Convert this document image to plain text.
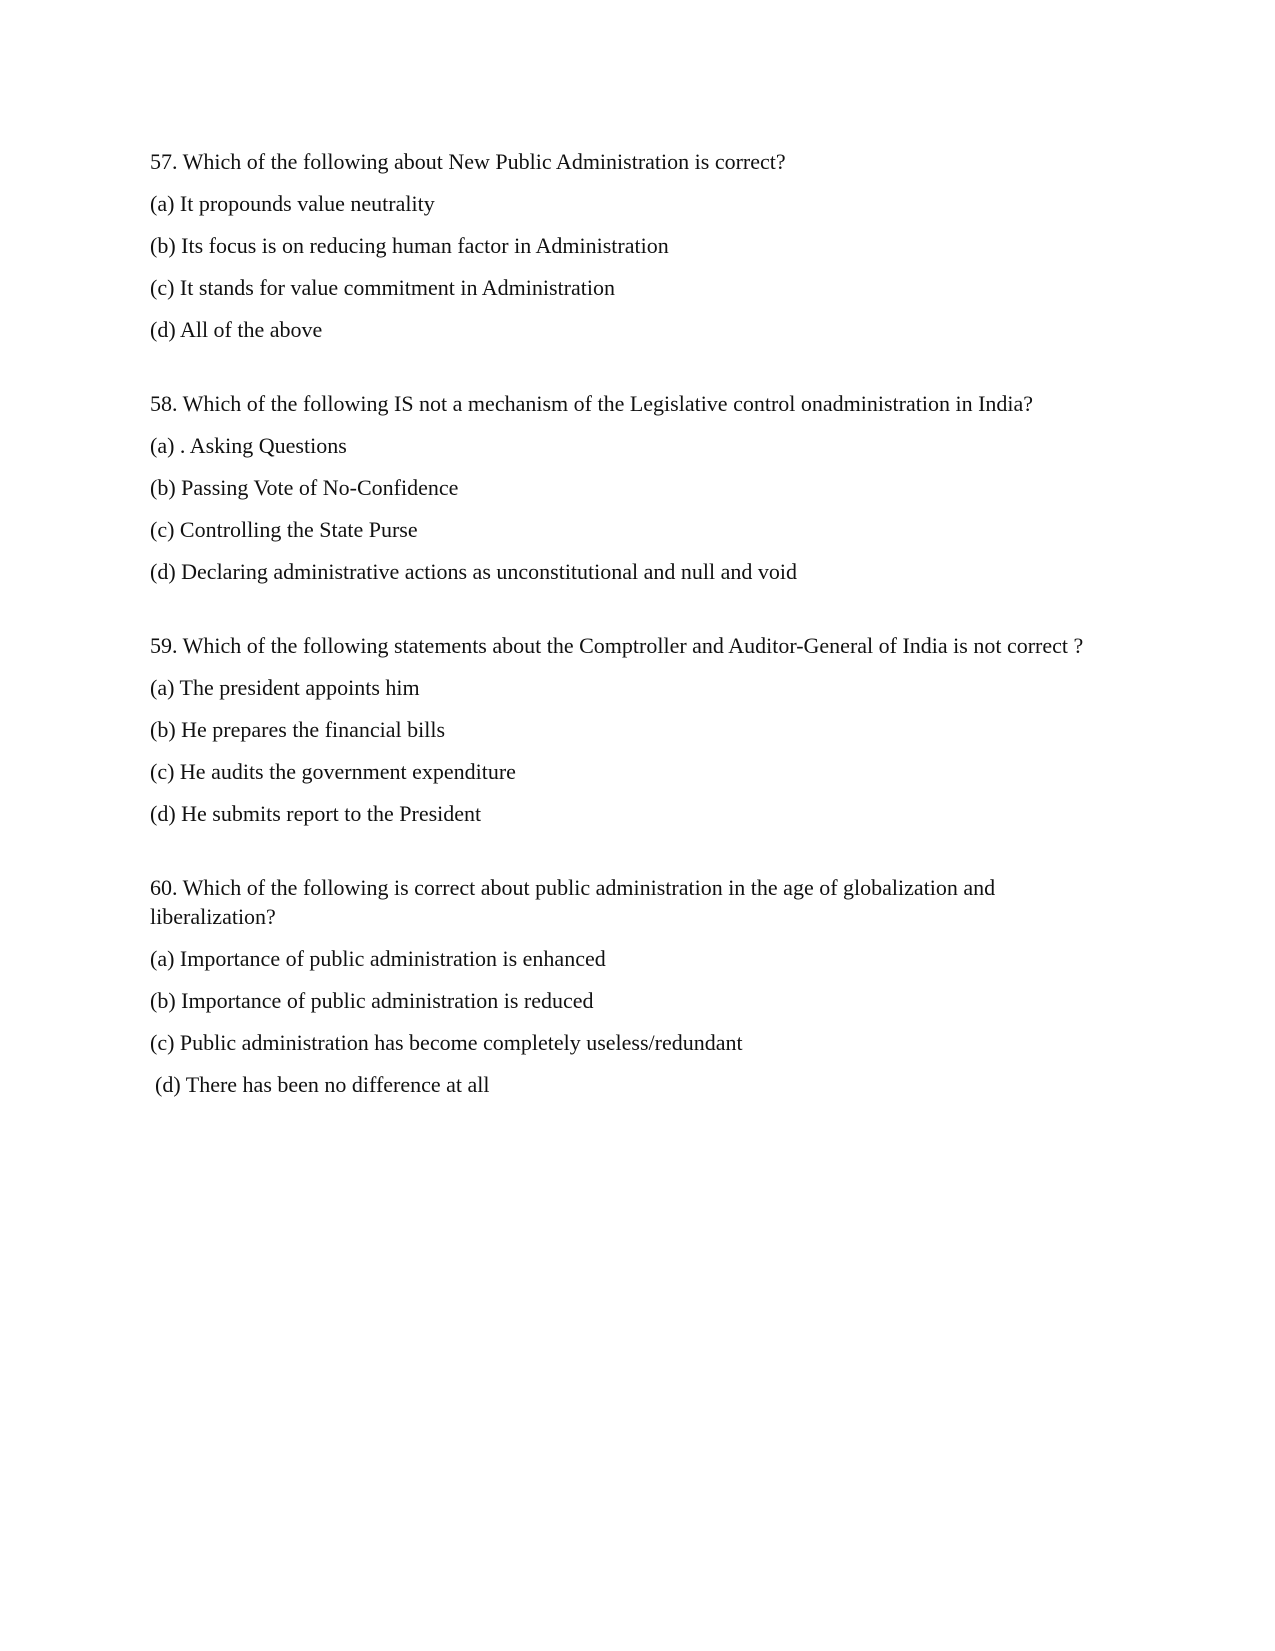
57. Which of the following about New Public Administration is correct?

(a) It propounds value neutrality

(b) Its focus is on reducing human factor in Administration

(c) It stands for value commitment in Administration

(d) All of the above

58. Which of the following IS not a mechanism of the Legislative control onadministration in India?

(a) . Asking Questions

(b) Passing Vote of No-Confidence

(c) Controlling the State Purse

(d) Declaring administrative actions as unconstitutional and null and void

59. Which of the following statements about the Comptroller and Auditor-General of India is not correct ?

(a) The president appoints him

(b) He prepares the financial bills

(c) He audits the government expenditure

(d) He submits report to the President

60. Which of the following is correct about public administration in the age of globalization and liberalization?

(a) Importance of public administration is enhanced

(b) Importance of public administration is reduced

(c) Public administration has become completely useless/redundant

(d) There has been no difference at all
